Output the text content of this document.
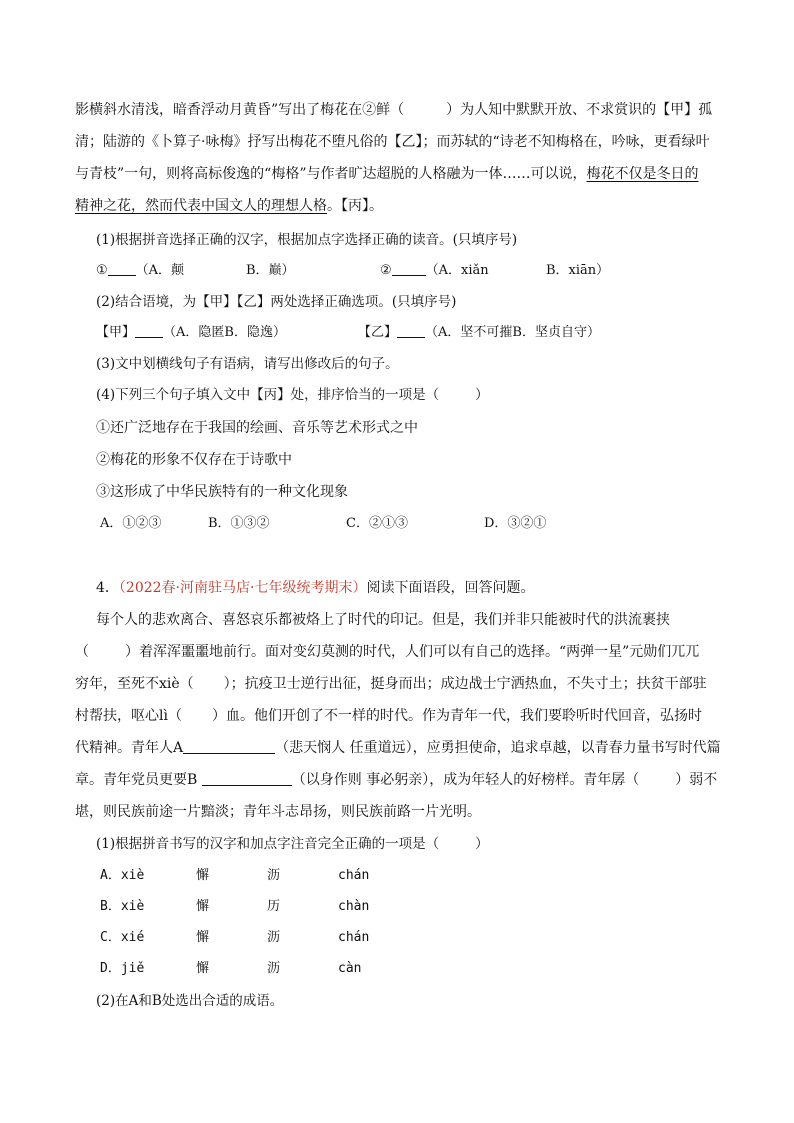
影横斜水清浅，暗香浮动月黄昏”写出了梅花在②鲜（	）为人知中默默开放、不求赏识的【甲】孤
清；陆游的《卜算子·咏梅》抒写出梅花不堕凡俗的【乙】；而苏轼的“诗老不知梅格在，吟咏，更看绿叶
与青枝”一句，则将高标俊逸的“梅格”与作者旷达超脱的人格融为一体……可以说，梅花不仅是冬日的
精神之花，然而代表中国文人的理想人格。【丙】。
(1)根据拼音选择正确的汉字，根据加点字选择正确的读音。(只填序号)
① （A．颠	B．巅）	②	（A．xiǎn	B．xiān）
(2)结合语境，为【甲】【乙】两处选择正确选项。(只填序号)
【甲】 （A．隐匿B．隐逸）	【乙】 （A．坚不可摧B．坚贞自守）
(3)文中划横线句子有语病，请写出修改后的句子。
(4)下列三个句子填入文中【丙】处，排序恰当的一项是（	）
①还广泛地存在于我国的绘画、音乐等艺术形式之中
②梅花的形象不仅存在于诗歌中
③这形成了中华民族特有的一种文化现象
A．①②③	B．①③②	C．②①③	D．③②①
4．（2022春·河南驻马店·七年级统考期末）阅读下面语段，回答问题。
每个人的悲欢离合、喜怒哀乐都被烙上了时代的印记。但是，我们并非只能被时代的洪流裹挟
（	）着浑浑噩噩地前行。面对变幻莫测的时代，人们可以有自己的选择。“两弹一星”元勋们兀兀
穷年，至死不xiè（ ）；抗疫卫士逆行出征，挺身而出；成边战士宁洒热血，不失寸土；扶贫干部驻
村帮扶，呕心lì（ ）血。他们开创了不一样的时代。作为青年一代，我们要聆听时代回音，弘扬时
代精神。青年人A	（悲天悯人 任重道远），应勇担使命，追求卓越，以青春力量书写时代篇
章。青年党员更要B	（以身作则 事必躬亲），成为年轻人的好榜样。青年孱（	）弱不
堪，则民族前途一片黯淡；青年斗志昂扬，则民族前路一片光明。
(1)根据拼音书写的汉字和加点字注音完全正确的一项是（	）
A．xiè	懈	沥	chán
B．xiè	懈	历	chàn
C．xié	懈	沥	chán
D．jiě	懈	沥	càn
(2)在A和B处选出合适的成语。
